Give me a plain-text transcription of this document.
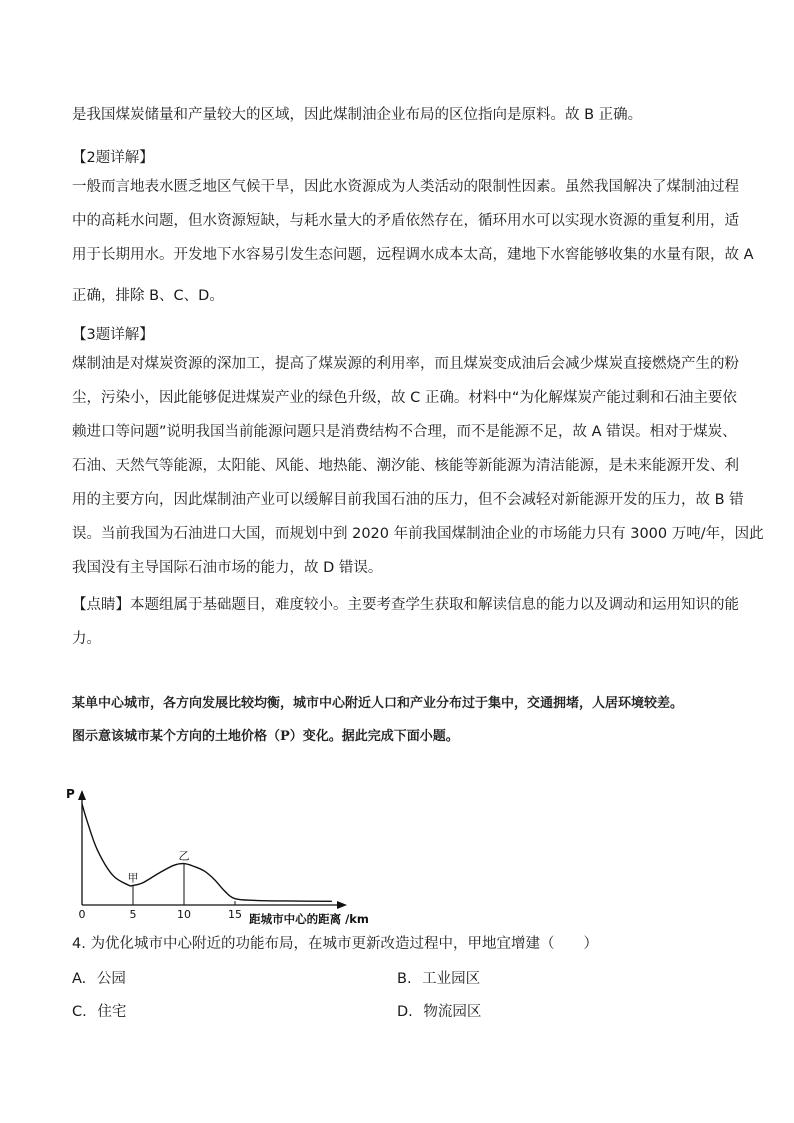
是我国煤炭储量和产量较大的区域，因此煤制油企业布局的区位指向是原料。故 B 正确。
【2题详解】
一般而言地表水匮乏地区气候干旱，因此水资源成为人类活动的限制性因素。虽然我国解决了煤制油过程
中的高耗水问题，但水资源短缺，与耗水量大的矛盾依然存在，循环用水可以实现水资源的重复利用，适
用于长期用水。开发地下水容易引发生态问题，远程调水成本太高，建地下水窖能够收集的水量有限，故 A
正确，排除 B、C、D。
【3题详解】
煤制油是对煤炭资源的深加工，提高了煤炭源的利用率，而且煤炭变成油后会减少煤炭直接燃烧产生的粉
尘，污染小，因此能够促进煤炭产业的绿色升级，故 C 正确。材料中“为化解煤炭产能过剩和石油主要依
赖进口等问题”说明我国当前能源问题只是消费结构不合理，而不是能源不足，故 A 错误。相对于煤炭、
石油、天然气等能源，太阳能、风能、地热能、潮汐能、核能等新能源为清洁能源，是未来能源开发、利
用的主要方向，因此煤制油产业可以缓解目前我国石油的压力，但不会减轻对新能源开发的压力，故 B 错
误。当前我国为石油进口大国，而规划中到 2020 年前我国煤制油企业的市场能力只有 3000 万吨/年，因此
我国没有主导国际石油市场的能力，故 D 错误。
【点睛】本题组属于基础题目，难度较小。主要考查学生获取和解读信息的能力以及调动和运用知识的能
力。
某单中心城市，各方向发展比较均衡，城市中心附近人口和产业分布过于集中，交通拥堵，人居环境较差。
图示意该城市某个方向的土地价格（P）变化。据此完成下面小题。
P
0	5	10	15 距城市中心的距离 /km
甲
乙
4. 为优化城市中心附近的功能布局，在城市更新改造过程中，甲地宜增建（　　）
A. 公园	B. 工业园区
C. 住宅	D. 物流园区
